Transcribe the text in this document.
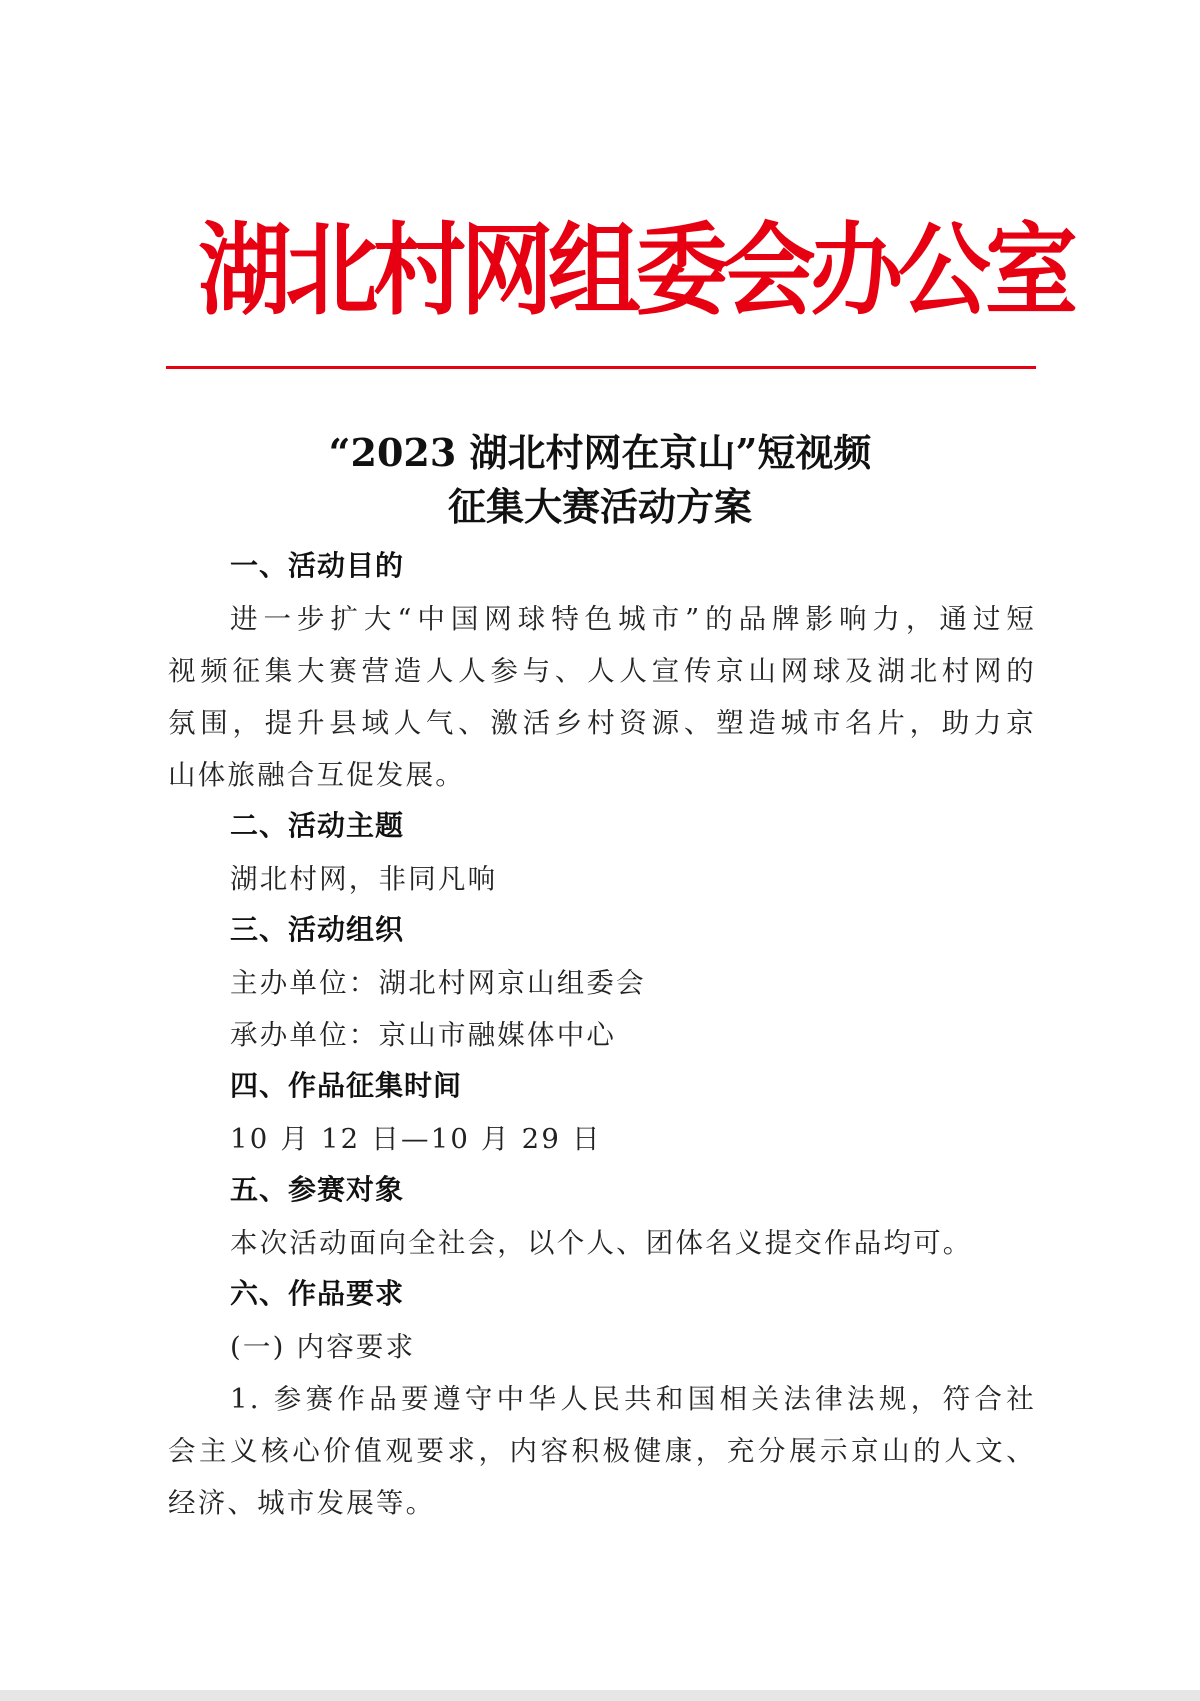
湖北村网组委会办公室
“2023 湖北村网在京山”短视频
征集大赛活动方案
一、活动目的
进一步扩大“中国网球特色城市”的品牌影响力，通过短
视频征集大赛营造人人参与、人人宣传京山网球及湖北村网的
氛围，提升县域人气、激活乡村资源、塑造城市名片，助力京
山体旅融合互促发展。
二、活动主题
湖北村网，非同凡响
三、活动组织
主办单位：湖北村网京山组委会
承办单位：京山市融媒体中心
四、作品征集时间
10 月 12 日—10 月 29 日
五、参赛对象
本次活动面向全社会，以个人、团体名义提交作品均可。
六、作品要求
(一) 内容要求
1. 参赛作品要遵守中华人民共和国相关法律法规，符合社
会主义核心价值观要求，内容积极健康，充分展示京山的人文、
经济、城市发展等。
